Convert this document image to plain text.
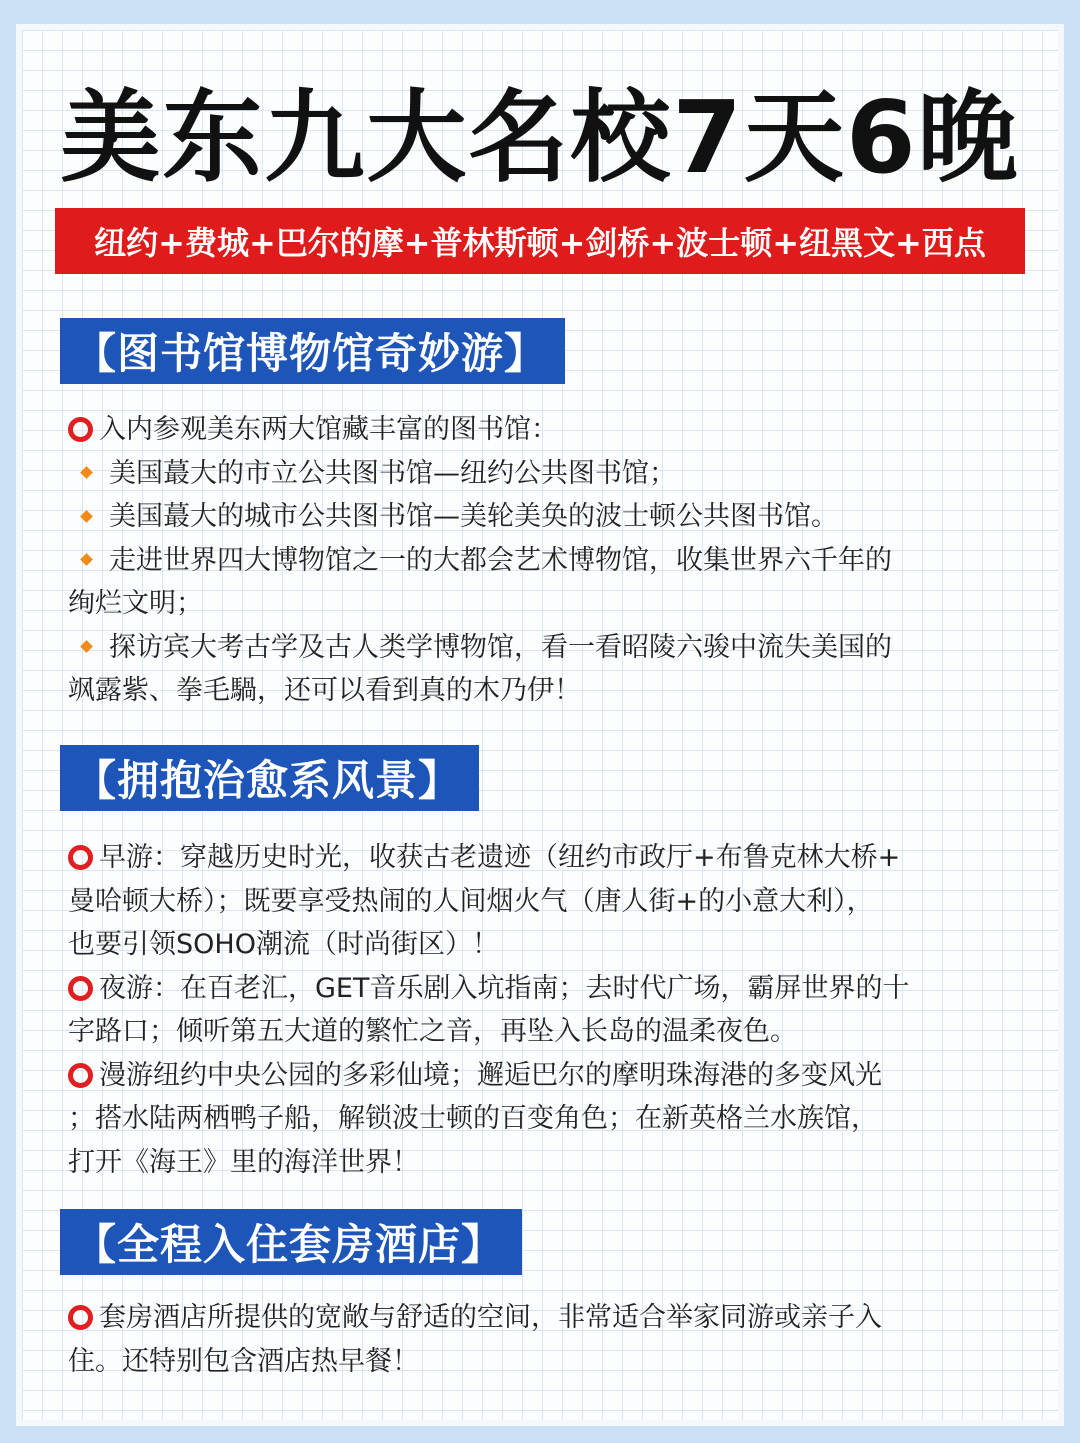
美东九大名校7天6晚
纽约+费城+巴尔的摩+普林斯顿+剑桥+波士顿+纽黑文+西点
【图书馆博物馆奇妙游】

入内参观美东两大馆藏丰富的图书馆：

美国蕞大的市立公共图书馆—纽约公共图书馆；

美国蕞大的城市公共图书馆—美轮美奂的波士顿公共图书馆。

走进世界四大博物馆之一的大都会艺术博物馆，收集世界六千年的

绚烂文明；

探访宾大考古学及古人类学博物馆，看一看昭陵六骏中流失美国的

飒露紫、拳毛騧，还可以看到真的木乃伊！

【拥抱治愈系风景】

早游：穿越历史时光，收获古老遗迹（纽约市政厅+布鲁克林大桥+

曼哈顿大桥）；既要享受热闹的人间烟火气（唐人街+的小意大利），

也要引领SOHO潮流（时尚街区）！

夜游：在百老汇，GET音乐剧入坑指南；去时代广场，霸屏世界的十

字路口；倾听第五大道的繁忙之音，再坠入长岛的温柔夜色。

漫游纽约中央公园的多彩仙境；邂逅巴尔的摩明珠海港的多变风光

；搭水陆两栖鸭子船，解锁波士顿的百变角色；在新英格兰水族馆，

打开《海王》里的海洋世界！

【全程入住套房酒店】

套房酒店所提供的宽敞与舒适的空间，非常适合举家同游或亲子入

住。还特别包含酒店热早餐！
